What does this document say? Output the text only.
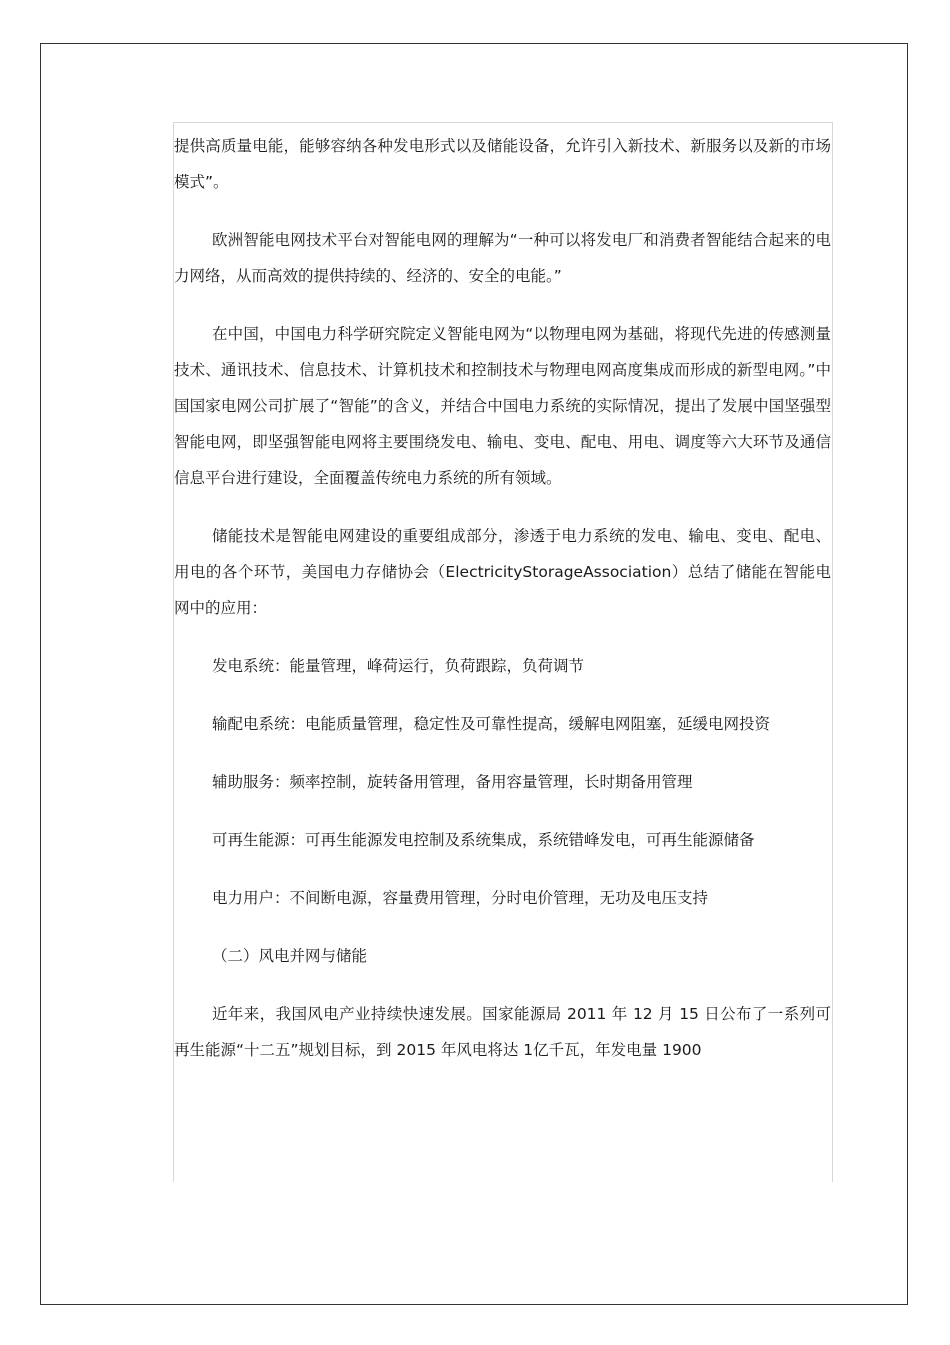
提供高质量电能，能够容纳各种发电形式以及储能设备，允许引入新技术、新服务以及新的市场模式”。

欧洲智能电网技术平台对智能电网的理解为“一种可以将发电厂和消费者智能结合起来的电力网络，从而高效的提供持续的、经济的、安全的电能。”

在中国，中国电力科学研究院定义智能电网为“以物理电网为基础，将现代先进的传感测量技术、通讯技术、信息技术、计算机技术和控制技术与物理电网高度集成而形成的新型电网。”中国国家电网公司扩展了“智能”的含义，并结合中国电力系统的实际情况，提出了发展中国坚强型智能电网，即坚强智能电网将主要围绕发电、输电、变电、配电、用电、调度等六大环节及通信信息平台进行建设，全面覆盖传统电力系统的所有领域。

储能技术是智能电网建设的重要组成部分，渗透于电力系统的发电、输电、变电、配电、用电的各个环节，美国电力存储协会（ElectricityStorageAssociation）总结了储能在智能电网中的应用：

发电系统：能量管理，峰荷运行，负荷跟踪，负荷调节

输配电系统：电能质量管理，稳定性及可靠性提高，缓解电网阻塞，延缓电网投资

辅助服务：频率控制，旋转备用管理，备用容量管理，长时期备用管理

可再生能源：可再生能源发电控制及系统集成，系统错峰发电，可再生能源储备

电力用户：不间断电源，容量费用管理，分时电价管理，无功及电压支持

（二）风电并网与储能

近年来，我国风电产业持续快速发展。国家能源局 2011 年 12 月 15 日公布了一系列可再生能源“十二五”规划目标，到 2015 年风电将达 1亿千瓦，年发电量 1900
